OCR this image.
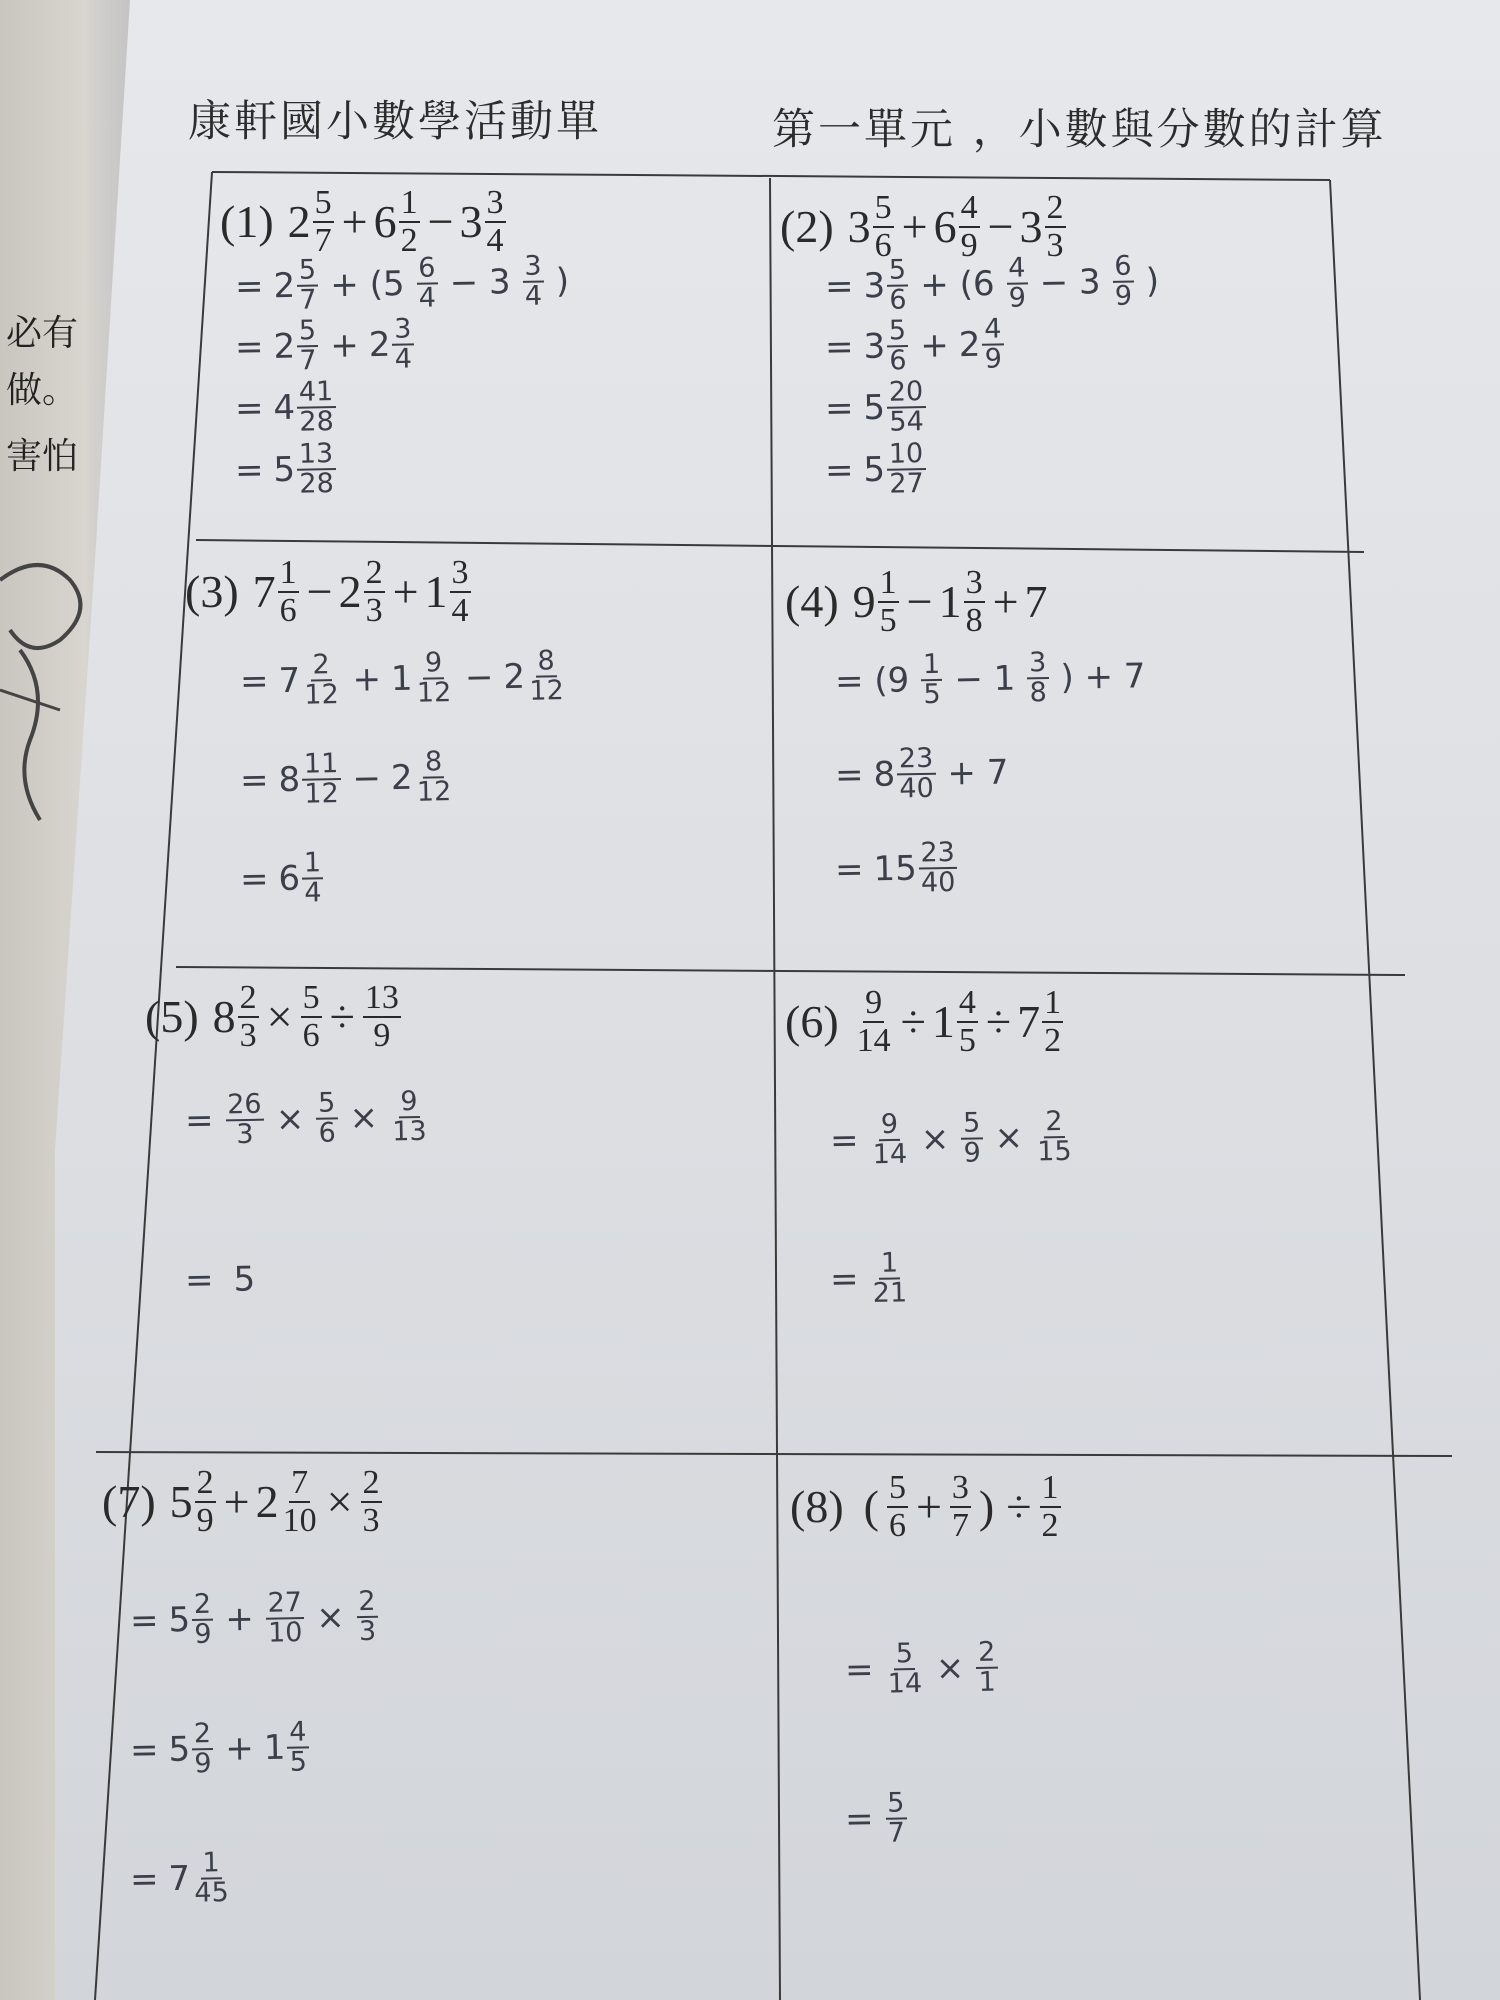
必有
做。
害怕
康軒國小數學活動單	第一單元 ，小數與分數的計算
(1) $2 \frac{5}{7} + 6 \frac{1}{2} - 3 \frac{3}{4}$	(2) $3 \frac{5}{6} + 6 \frac{4}{9} - 3 \frac{2}{3}$
(3) $7 \frac{1}{6} - 2 \frac{2}{3} + 1 \frac{3}{4}$	(4) $9 \frac{1}{5} - 1 \frac{3}{8} + 7$
(5) $8 \frac{2}{3} \times \frac{5}{6} \div \frac{13}{9}$	$(6) \frac{9}{14} \div 1 \frac{4}{5} \div 7 \frac{1}{2}$
(7) $5 \frac{2}{9} + 2 \frac{7}{10} \times \frac{2}{3}$	(8) ( $\frac{5}{6} + \frac{3}{7}$ ) ÷ $\frac{1}{2}$
= $2 \frac{5}{7} + (5 \frac{6}{4} - 3 \frac{3}{4}$ )
= $2 \frac{5}{7} + 2 \frac{3}{4}$
= $4 \frac{41}{28}$
= $5 \frac{13}{28}$
= $3 \frac{5}{6} + (6 \frac{4}{9} - 3 \frac{6}{9}$ )
= $3 \frac{5}{6} + 2 \frac{4}{9}$
= $5 \frac{20}{54}$
= $5 \frac{10}{27}$
= $7 \frac{2}{12} + 1 \frac{9}{12} - 2 \frac{8}{12}$
= $8 \frac{11}{12} - 2 \frac{8}{12}$
= $6 \frac{1}{4}$
= ($9 \frac{1}{5} - 1 \frac{3}{8}$ ) + 7
= $8 \frac{23}{40} + 7$
= $15 \frac{23}{40}$
= $\frac{26}{3} \times \frac{5}{6} \times \frac{9}{13}$
= 5
= $\frac{9}{14} \times \frac{5}{9} \times \frac{2}{15}$
= $\frac{1}{21}$
= $5 \frac{2}{9} + \frac{27}{10} \times \frac{2}{3}$
= $5 \frac{2}{9} + 1 \frac{4}{5}$
= $7 \frac{1}{45}$
= $\frac{5}{14} \times \frac{2}{1}$
= $\frac{5}{7}$
